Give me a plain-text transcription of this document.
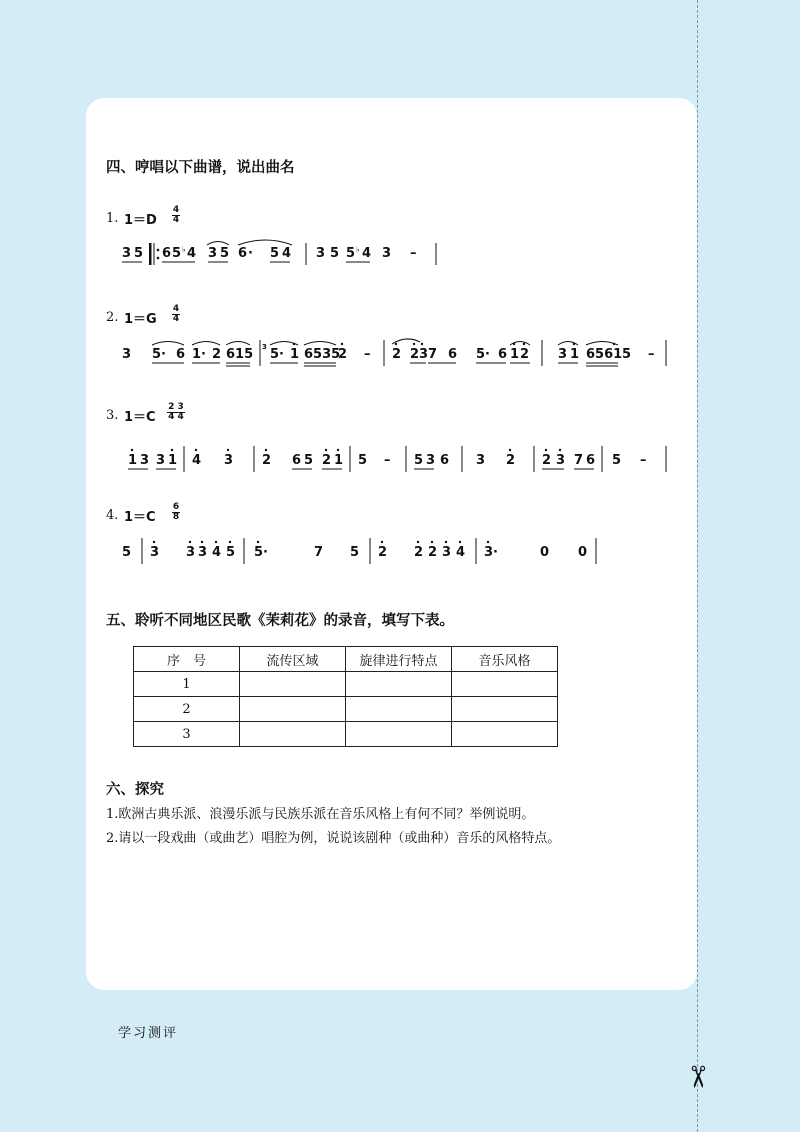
✂
四、哼唱以下曲谱，说出曲名
1. 1＝D
4
4
3 5 6 5 ♭ 4 3 5 6 · 5 4 3 5 5 ♭ 4 3 –
2. 1＝G
4
4
3 5· 6 1· 2 615 3 5· 1 6535
2 – 2 23 7 6 5· 6 1 2 3 1 6561 5 –
3. 1＝C
2 3
4 4
1 3 3 1 4 3 2 6 5 2 1 5 – 5 3 6 3 2 2 3 7 6 5 –
4. 1＝C
6
8
5 3 3 3 4 5 5·	7 5 2 2 2 3 4 3·	0 0
五、聆听不同地区民歌《茉莉花》的录音，填写下表。
序　号	流传区域	旋律进行特点	音乐风格
1			
2			
3			
六、探究
1.欧洲古典乐派、浪漫乐派与民族乐派在音乐风格上有何不同？举例说明。
2.请以一段戏曲（或曲艺）唱腔为例，说说该剧种（或曲种）音乐的风格特点。
学习测评
